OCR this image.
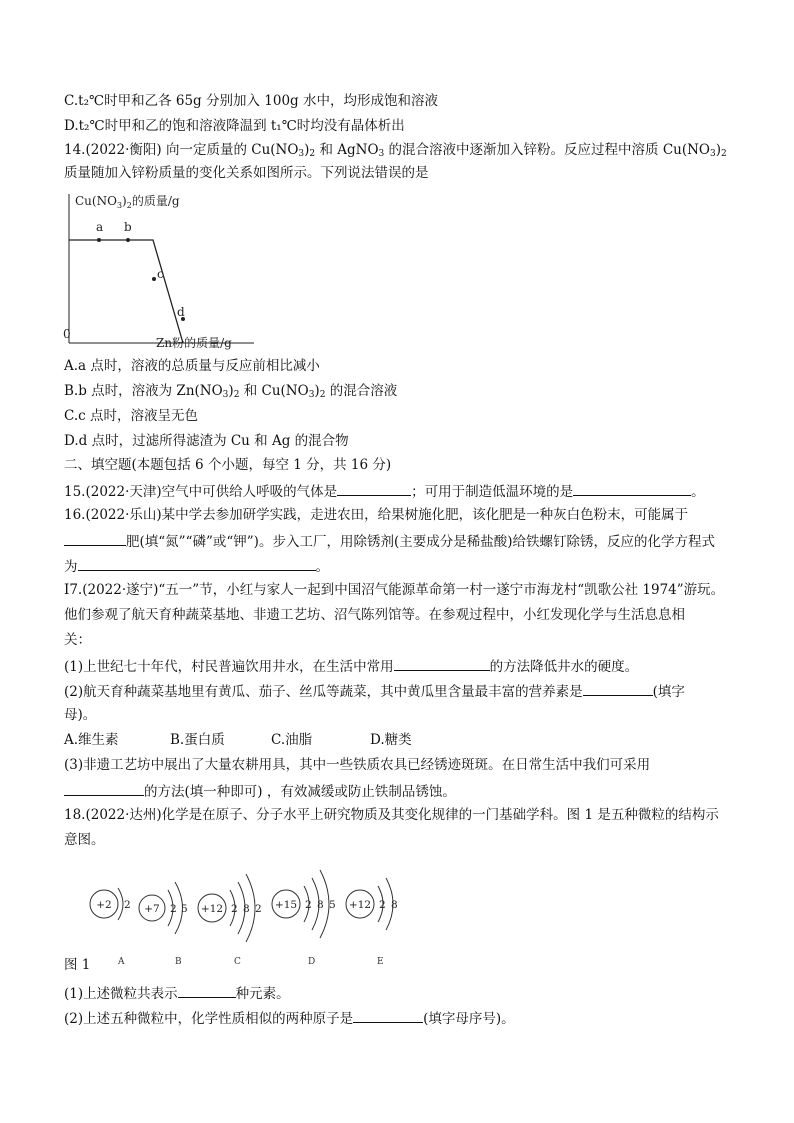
C.t₂℃时甲和乙各 65g 分别加入 100g 水中，均形成饱和溶液
D.t₂℃时甲和乙的饱和溶液降温到 t₁℃时均没有晶体析出
14.(2022·衡阳) 向一定质量的 $Cu(NO_3)_2$ 和 AgNO$_3$ 的混合溶液中逐渐加入锌粉。反应过程中溶质 $Cu(NO_3)_2$
质量随加入锌粉质量的变化关系如图所示。下列说法错误的是
$Cu(NO_3)_2$的质量/g
0
a b
c
d
Zn粉的质量/g
A.a 点时，溶液的总质量与反应前相比减小
B.b 点时，溶液为 $Zn(NO_3)_2$ 和 $Cu(NO_3)_2$ 的混合溶液
C.c 点时，溶液呈无色
D.d 点时，过滤所得滤渣为 Cu 和 Ag 的混合物
二、填空题(本题包括 6 个小题，每空 1 分，共 16 分)
15.(2022·天津)空气中可供给人呼吸的气体是	；可用于制造低温环境的是	。
16.(2022·乐山)某中学去参加研学实践，走进农田，给果树施化肥，该化肥是一种灰白色粉末，可能属于
肥(填“氮”“磷”或“钾”)。步入工厂，用除锈剂(主要成分是稀盐酸)给铁螺钉除锈，反应的化学方程式
为	。
I7.(2022·遂宁)“五一”节，小红与家人一起到中国沼气能源革命第一村一遂宁市海龙村“凯歌公社 1974”游玩。
他们参观了航天育种蔬菜基地、非遗工艺坊、沼气陈列馆等。在参观过程中，小红发现化学与生活息息相
关：
(1)上世纪七十年代，村民普遍饮用井水，在生活中常用	的方法降低井水的硬度。
(2)航天育种蔬菜基地里有黄瓜、茄子、丝瓜等蔬菜，其中黄瓜里含量最丰富的营养素是	(填字
母)。
A.维生素	B.蛋白质	C.油脂	D.糖类
(3)非遗工艺坊中展出了大量农耕用具，其中一些铁质农具已经锈迹斑斑。在日常生活中我们可采用
的方法(填一种即可) ，有效减缓或防止铁制品锈蚀。
18.(2022·达州)化学是在原子、分子水平上研究物质及其变化规律的一门基础学科。图 1 是五种微粒的结构示
意图。
+2 2
A
+7 2 5
B
+12 2 8 2
C
+15 2 8 5
D
+12 2 8
E
图 1
(1)上述微粒共表示	种元素。
(2)上述五种微粒中，化学性质相似的两种原子是	(填字母序号)。
